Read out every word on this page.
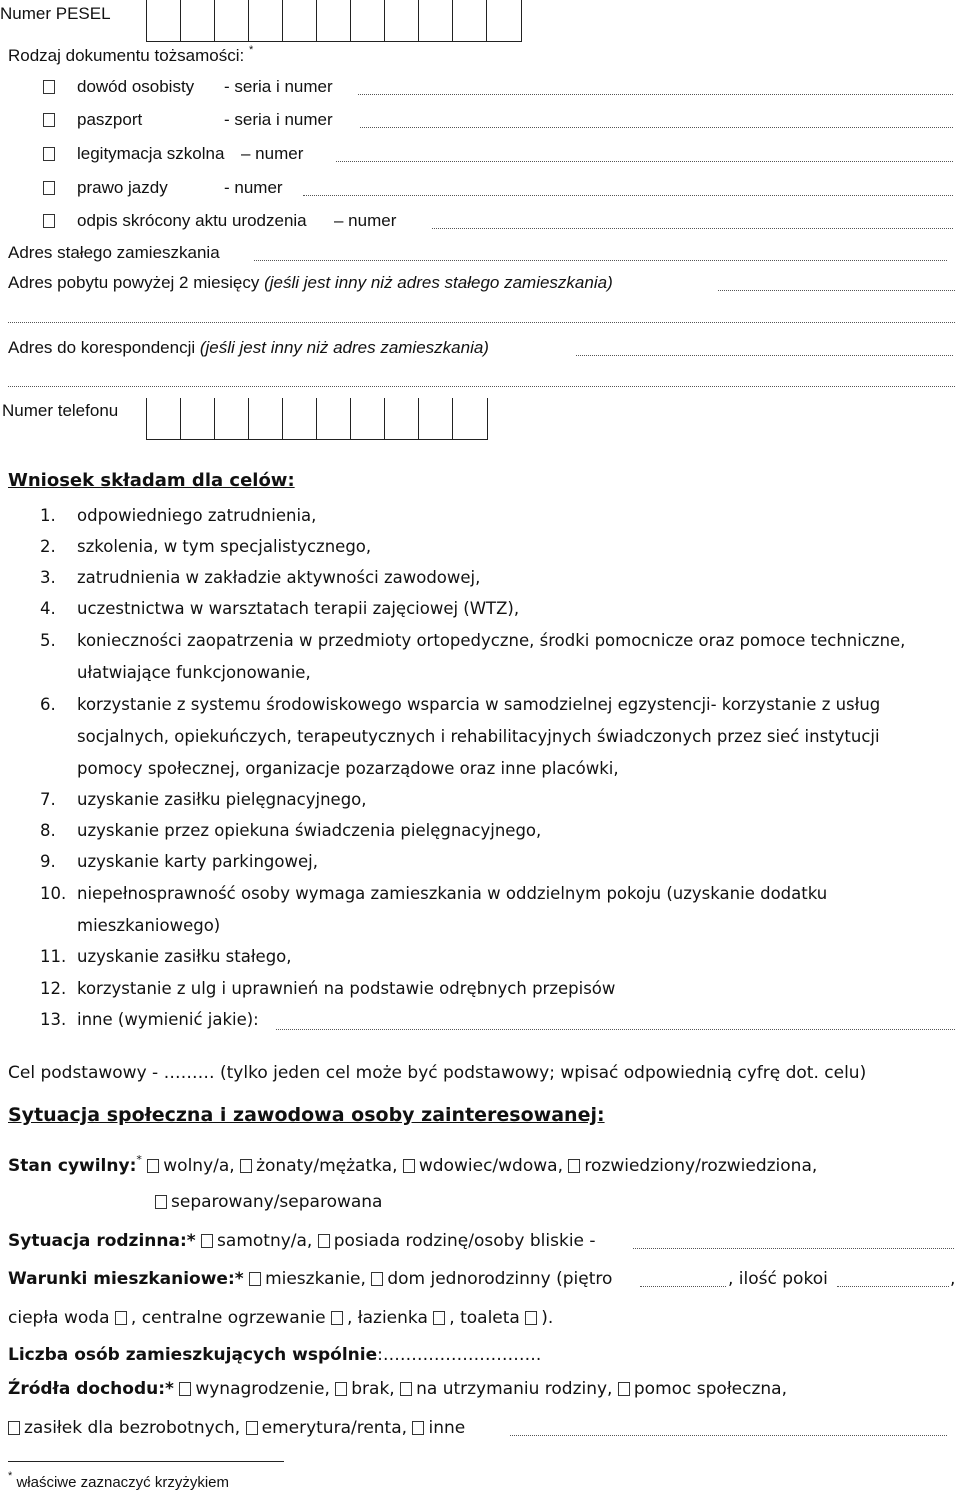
Numer PESEL
Rodzaj dokumentu tożsamości: *
dowód osobisty - seria i numer
paszport	- seria i numer
legitymacja szkolna – numer
prawo jazdy	- numer
odpis skrócony aktu urodzenia – numer
Adres stałego zamieszkania
Adres pobytu powyżej 2 miesięcy (jeśli jest inny niż adres stałego zamieszkania)
Adres do korespondencji (jeśli jest inny niż adres zamieszkania)
Numer telefonu
Wniosek składam dla celów:
1. odpowiedniego zatrudnienia,
2. szkolenia, w tym specjalistycznego,
3. zatrudnienia w zakładzie aktywności zawodowej,
4. uczestnictwa w warsztatach terapii zajęciowej (WTZ),
5. konieczności zaopatrzenia w przedmioty ortopedyczne, środki pomocnicze oraz pomoce techniczne,
ułatwiające funkcjonowanie,
6. korzystanie z systemu środowiskowego wsparcia w samodzielnej egzystencji- korzystanie z usług
socjalnych, opiekuńczych, terapeutycznych i rehabilitacyjnych świadczonych przez sieć instytucji
pomocy społecznej, organizacje pozarządowe oraz inne placówki,
7. uzyskanie zasiłku pielęgnacyjnego,
8. uzyskanie przez opiekuna świadczenia pielęgnacyjnego,
9. uzyskanie karty parkingowej,
10. niepełnosprawność osoby wymaga zamieszkania w oddzielnym pokoju (uzyskanie dodatku
mieszkaniowego)
11. uzyskanie zasiłku stałego,
12. korzystanie z ulg i uprawnień na podstawie odrębnych przepisów
13. inne (wymienić jakie):
Cel podstawowy - ……… (tylko jeden cel może być podstawowy; wpisać odpowiednią cyfrę dot. celu)
Sytuacja społeczna i zawodowa osoby zainteresowanej:
Stan cywilny:* wolny/a, żonaty/mężatka, wdowiec/wdowa, rozwiedziony/rozwiedziona,
separowany/separowana
Sytuacja rodzinna:* samotny/a, posiada rodzinę/osoby bliskie -
Warunki mieszkaniowe:* mieszkanie, dom jednorodzinny (piętro	, ilość pokoi	,
ciepła woda , centralne ogrzewanie , łazienka , toaleta ).
Liczba osób zamieszkujących wspólnie:……………………….
Źródła dochodu:* wynagrodzenie, brak, na utrzymaniu rodziny, pomoc społeczna,
zasiłek dla bezrobotnych, emerytura/renta, inne
* właściwe zaznaczyć krzyżykiem
